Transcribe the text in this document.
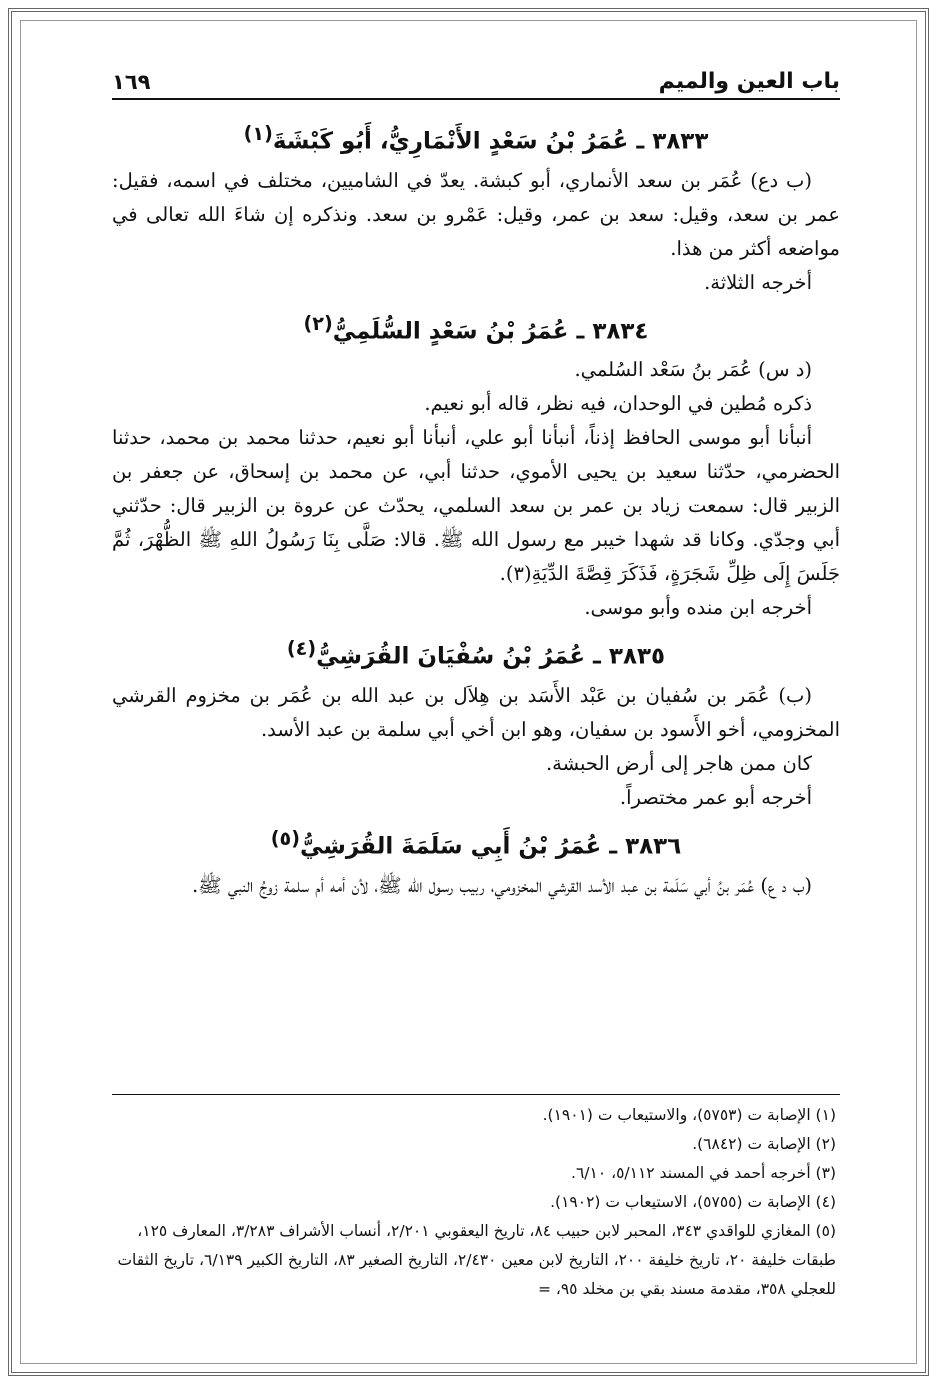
باب العين والميم
١٦٩
٣٨٣٣ ـ عُمَرُ بْنُ سَعْدٍ الأَنْمَارِيُّ، أَبُو كَبْشَةَ$^{(١)}$

(ب دع) عُمَر بن سعد الأنماري، أبو كبشة. يعدّ في الشاميين، مختلف في اسمه، فقيل: عمر بن سعد، وقيل: سعد بن عمر، وقيل: عَمْرو بن سعد. ونذكره إن شاءَ الله تعالى في مواضعه أكثر من هذا.

أخرجه الثلاثة.

٣٨٣٤ ـ عُمَرُ بْنُ سَعْدٍ السُّلَمِيُّ$^{(٢)}$

(د س) عُمَر بنُ سَعْد السُلمي.

ذكره مُطين في الوحدان، فيه نظر، قاله أبو نعيم.

أنبأنا أبو موسى الحافظ إذناً، أنبأنا أبو علي، أنبأنا أبو نعيم، حدثنا محمد بن محمد، حدثنا الحضرمي، حدّثنا سعيد بن يحيى الأموي، حدثنا أبي، عن محمد بن إسحاق، عن جعفر بن الزبير قال: سمعت زياد بن عمر بن سعد السلمي، يحدّث عن عروة بن الزبير قال: حدّثني أبي وجدّي. وكانا قد شهدا خيبر مع رسول الله ﷺ. قالا: صَلَّى بِنَا رَسُولُ اللهِ ﷺ الظُّهْرَ، ثُمَّ جَلَسَ إِلَى ظِلِّ شَجَرَةٍ، فَذَكَرَ قِصَّةَ الدِّيَةِ(٣).

أخرجه ابن منده وأبو موسى.

٣٨٣٥ ـ عُمَرُ بْنُ سُفْيَانَ القُرَشِيُّ$^{(٤)}$

(ب) عُمَر بن سُفيان بن عَبْد الأَسَد بن هِلاَل بن عبد الله بن عُمَر بن مخزوم القرشي المخزومي، أخو الأَسود بن سفيان، وهو ابن أخي أبي سلمة بن عبد الأسد.

كان ممن هاجر إلى أرض الحبشة.

أخرجه أبو عمر مختصراً.

٣٨٣٦ ـ عُمَرُ بْنُ أَبِي سَلَمَةَ القُرَشِيُّ$^{(٥)}$

(ب د ع) عُمَر بنُ أبي سَلَمة بن عبد الأسد القرشي المخزومي، ربيب رسول الله ﷺ، لأن أمه أم سلمة زوجُ النبي ﷺ.

(١) الإصابة ت (٥٧٥٣)، والاستيعاب ت (١٩٠١).
(٢) الإصابة ت (٦٨٤٢).
(٣) أخرجه أحمد في المسند ٥/١١٢، ٦/١٠.
(٤) الإصابة ت (٥٧٥٥)، الاستيعاب ت (١٩٠٢).
(٥) المغازي للواقدي ٣٤٣، المحبر لابن حبيب ٨٤، تاريخ اليعقوبي ٢/٢٠١، أنساب الأشراف ٣/٢٨٣، المعارف ١٢٥، طبقات خليفة ٢٠، تاريخ خليفة ٢٠٠، التاريخ لابن معين ٢/٤٣٠، التاريخ الصغير ٨٣، التاريخ الكبير ٦/١٣٩، تاريخ الثقات للعجلي ٣٥٨، مقدمة مسند بقي بن مخلد ٩٥، =
